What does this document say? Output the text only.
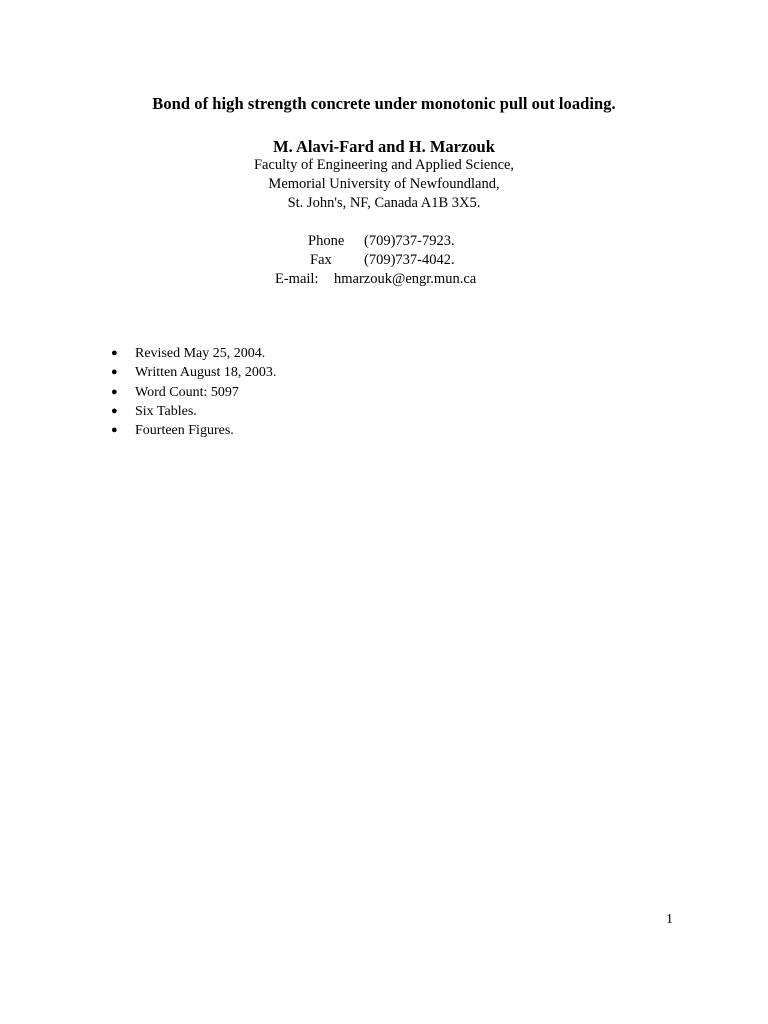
Bond of high strength concrete under monotonic pull out loading.
M. Alavi-Fard and H. Marzouk
Faculty of Engineering and Applied Science,
Memorial University of Newfoundland,
St. John's, NF, Canada A1B 3X5.
Phone (709)737-7923.
Fax (709)737-4042.
E-mail: hmarzouk@engr.mun.ca
● Revised May 25, 2004.
● Written August 18, 2003.
● Word Count: 5097
● Six Tables.
● Fourteen Figures.
1
